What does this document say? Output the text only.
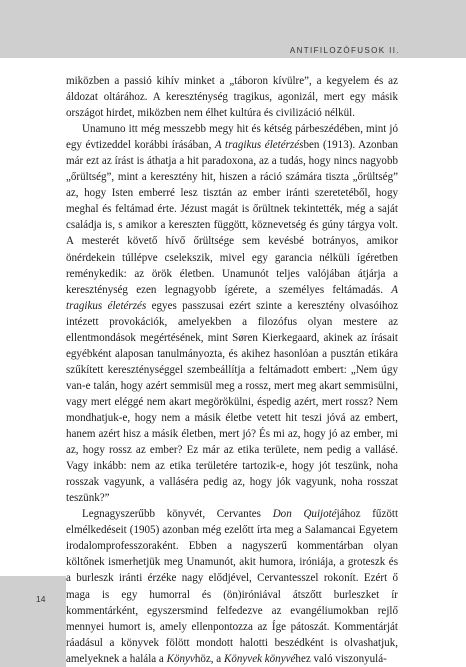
ANTIFILOZÓFUSOK II.

miközben a passió kihív minket a „táboron kívülre”, a kegyelem és az áldozat oltárához. A kereszténység tragikus, agonizál, mert egy másik országot hirdet, miközben nem élhet kultúra és civilizáció nélkül.

Unamuno itt még messzebb megy hit és kétség párbeszédében, mint jó egy évtizeddel korábbi írásában, A tragikus életérzésben (1913). Azonban már ezt az írást is áthatja a hit paradoxona, az a tudás, hogy nincs nagyobb „őrültség”, mint a keresztény hit, hiszen a ráció számára tiszta „őrültség” az, hogy Isten emberré lesz tisztán az ember iránti szeretetéből, hogy meghal és feltámad érte. Jézust magát is őrültnek tekintették, még a saját családja is, s amikor a kereszten függött, köznevetség és gúny tárgya volt. A mesterét követő hívő őrültsége sem kevésbé botrányos, amikor önérdekein túllépve cselekszik, mivel egy garancia nélküli ígéretben reménykedik: az örök életben. Unamunót teljes valójában átjárja a kereszténység ezen legnagyobb ígérete, a személyes feltámadás. A tragikus életérzés egyes passzusai ezért szinte a keresztény olvasóihoz intézett provokációk, amelyekben a filozófus olyan mestere az ellentmondások megértésének, mint Søren Kierkegaard, akinek az írásait egyébként alaposan tanulmányozta, és akihez hasonlóan a pusztán etikára szűkített kereszténységgel szembeállítja a feltámadott embert: „Nem úgy van-e talán, hogy azért semmisül meg a rossz, mert meg akart semmisülni, vagy mert eléggé nem akart megörökülni, éspedig azért, mert rossz? Nem mondhatjuk-e, hogy nem a másik életbe vetett hit teszi jóvá az embert, hanem azért hisz a másik életben, mert jó? És mi az, hogy jó az ember, mi az, hogy rossz az ember? Ez már az etika területe, nem pedig a vallásé. Vagy inkább: nem az etika területére tartozik-e, hogy jót teszünk, noha rosszak vagyunk, a valláséra pedig az, hogy jók vagyunk, noha rosszat teszünk?”

Legnagyszerűbb könyvét, Cervantes Don Quijotéjához fűzött elmélkedéseit (1905) azonban még ezelőtt írta meg a Salamancai Egyetem irodalomprofesszoraként. Ebben a nagyszerű kommentárban olyan költőnek ismerhetjük meg Unamunót, akit humora, iróniája, a groteszk és a burleszk iránti érzéke nagy elődjével, Cervantesszel rokonít. Ezért ő maga is egy humorral és (ön)iróniával átszőtt burleszket ír kommentárként, egyszersmind felfedezve az evangéliumokban rejlő mennyei humort is, amely ellenpontozza az Íge pátoszát. Kommentárját ráadásul a könyvek fölött mondott halotti beszédként is olvashatjuk, amelyeknek a halála a Könyvhöz, a Könyvek könyvéhez való viszonyulá-

14
